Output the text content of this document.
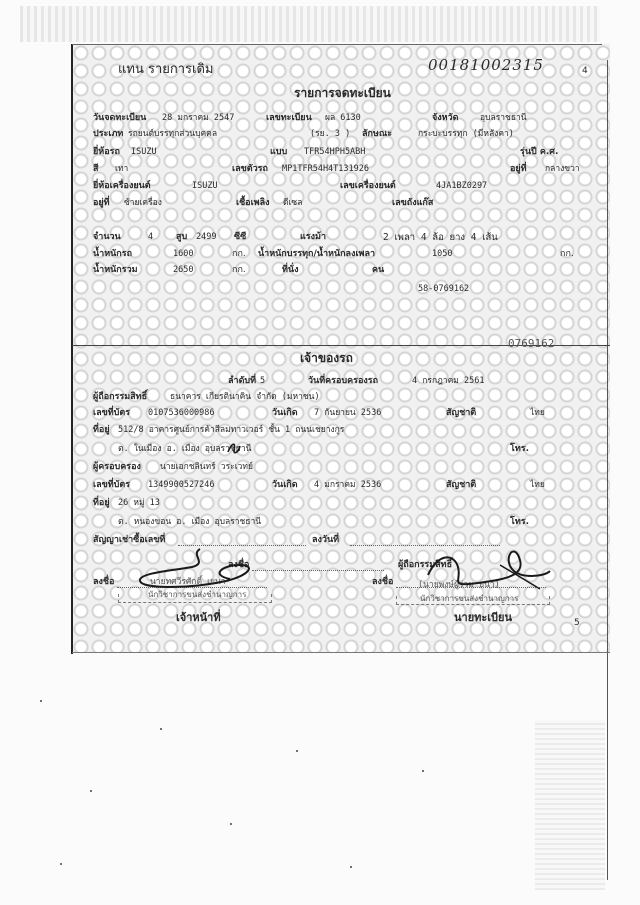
แทน รายการเดิม	00181002315	4
รายการจดทะเบียน
วันจดทะเบียน 28 มกราคม 2547	เลขทะเบียน ผล 6130	จังหวัด	อุบลราชธานี
ประเภท รถยนต์บรรทุกส่วนบุคคล	(รย. 3 ) ลักษณะ	กระบะบรรทุก (มีหลังคา)
ยี่ห้อรถ ISUZU	แบบ TFR54HPH5ABH	รุ่นปี ค.ศ.
สี เทา	เลขตัวรถ MP1TFR54H4T131926	อยู่ที่ กลางขวา
ยี่ห้อเครื่องยนต์	ISUZU	เลขเครื่องยนต์	4JA1BZ0297
อยู่ที่ ซ้ายเครื่อง	เชื้อเพลิง ดีเซล	เลขถังแก๊ส
จำนวน	4	สูบ 2499 ซีซี	แรงม้า	2 เพลา 4 ล้อ ยาง 4 เส้น
น้ำหนักรถ	1600	กก. น้ำหนักบรรทุก/น้ำหนักลงเพลา	1050	กก.
น้ำหนักรวม	2650	กก.	ที่นั่ง	คน
58-0769162
0769162
เจ้าของรถ
ลำดับที่ 5	วันที่ครอบครองรถ	4 กรกฎาคม 2561
ผู้ถือกรรมสิทธิ์	ธนาคาร เกียรตินาคิน จำกัด (มหาชน)
เลขที่บัตร 0107536000986	วันเกิด 7 กันยายน 2536	สัญชาติ	ไทย
ที่อยู่ 512/8 อาคารศูนย์การค้าสีลมทาวเวอร์ ชั้น 1 ถนนเชยางกูร
ต. ในเมือง อ. เมือง อุบลราชธานี	โทร.
ผู้ครอบครอง นายเอกชลินทร์ วระเวทย์
เลขที่บัตร 1349900527246	วันเกิด 4 มกราคม 2536	สัญชาติ	ไทย
ที่อยู่ 26 หมู่ 13
ต. หนองขอน อ. เมือง อุบลราชธานี	โทร.
สัญญาเช่าซื้อเลขที่	ลงวันที่
ลงชื่อ	ผู้ถือกรรมสิทธิ์
ลงชื่อ	นายทศวีรศักดิ์ เยนา	ลงชื่อ	(นายพงษ์ผู้ร่วม ยนา)
นักวิชาการขนส่งชำนาญการ	นักวิชาการขนส่งชำนาญการ
เจ้าหน้าที่	นายทะเบียน	5
